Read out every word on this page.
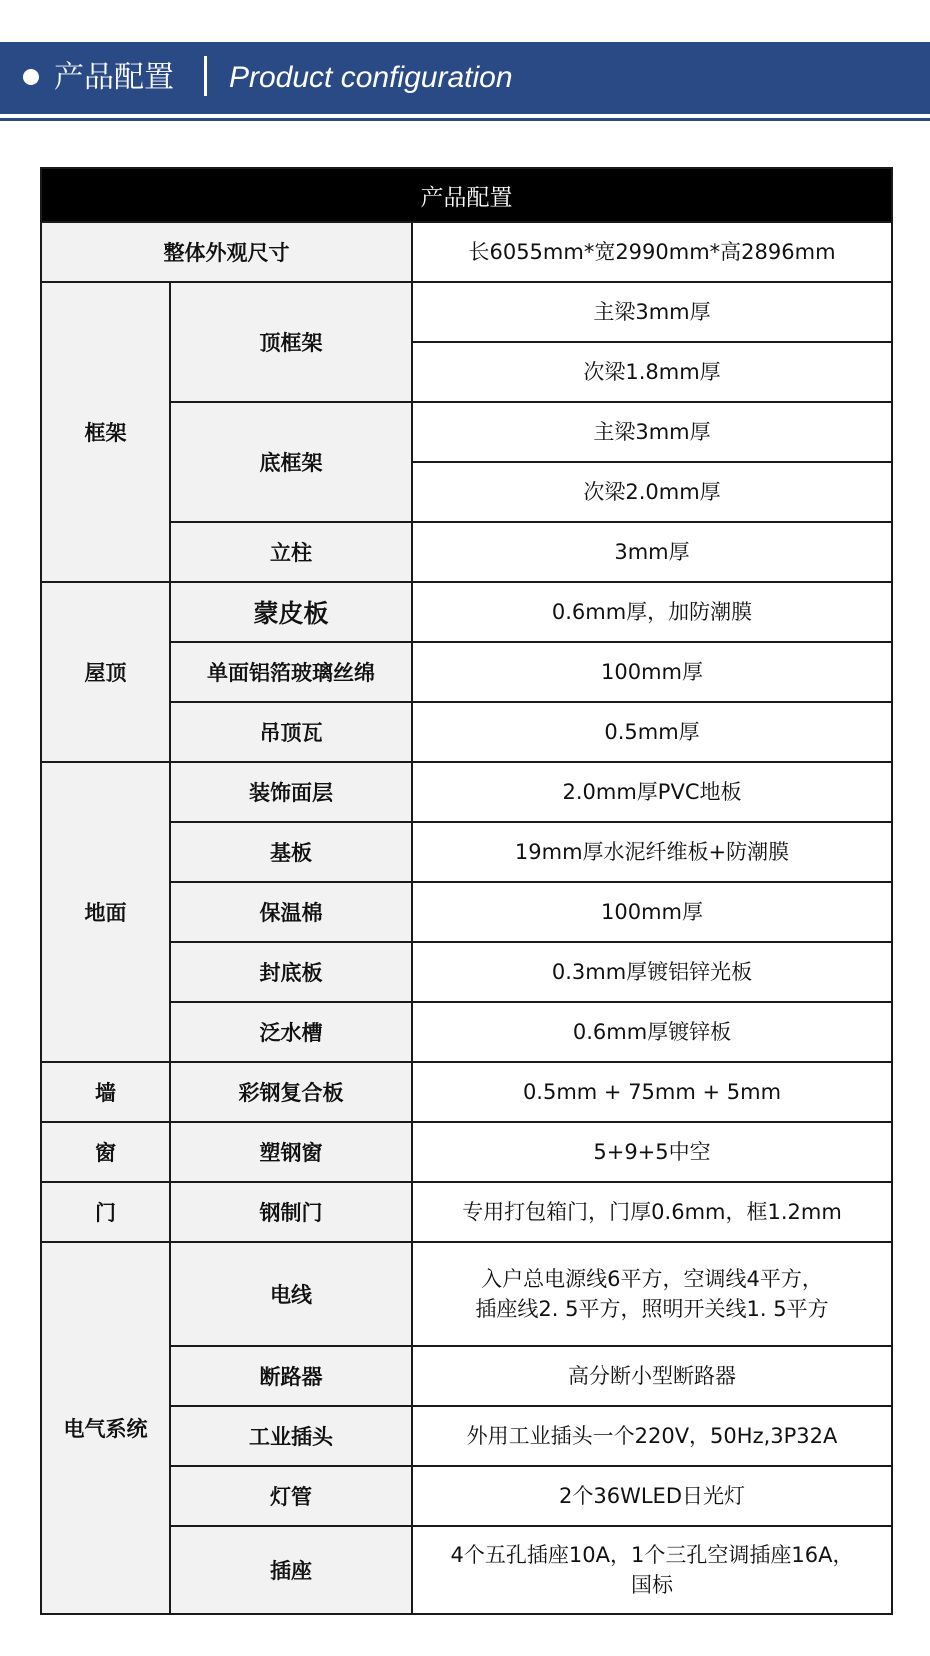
产品配置 Product configuration
产品配置		
整体外观尺寸		长6055mm*宽2990mm*高2896mm
框架	顶框架	主梁3mm厚
		次梁1.8mm厚
	底框架	主梁3mm厚
		次梁2.0mm厚
	立柱	3mm厚
屋顶	蒙皮板	0.6mm厚，加防潮膜
	单面铝箔玻璃丝绵	100mm厚
	吊顶瓦	0.5mm厚
地面	装饰面层	2.0mm厚PVC地板
	基板	19mm厚水泥纤维板+防潮膜
	保温棉	100mm厚
	封底板	0.3mm厚镀铝锌光板
	泛水槽	0.6mm厚镀锌板
墙	彩钢复合板	0.5mm + 75mm + 5mm
窗	塑钢窗	5+9+5中空
门	钢制门	专用打包箱门，门厚0.6mm，框1.2mm
电气系统	电线	入户总电源线6平方，空调线4平方，
插座线2. 5平方，照明开关线1. 5平方

	断路器	高分断小型断路器
	工业插头	外用工业插头一个220V，50Hz,3P32A
	灯管	2个36WLED日光灯
	插座	4个五孔插座10A，1个三孔空调插座16A，
国标
